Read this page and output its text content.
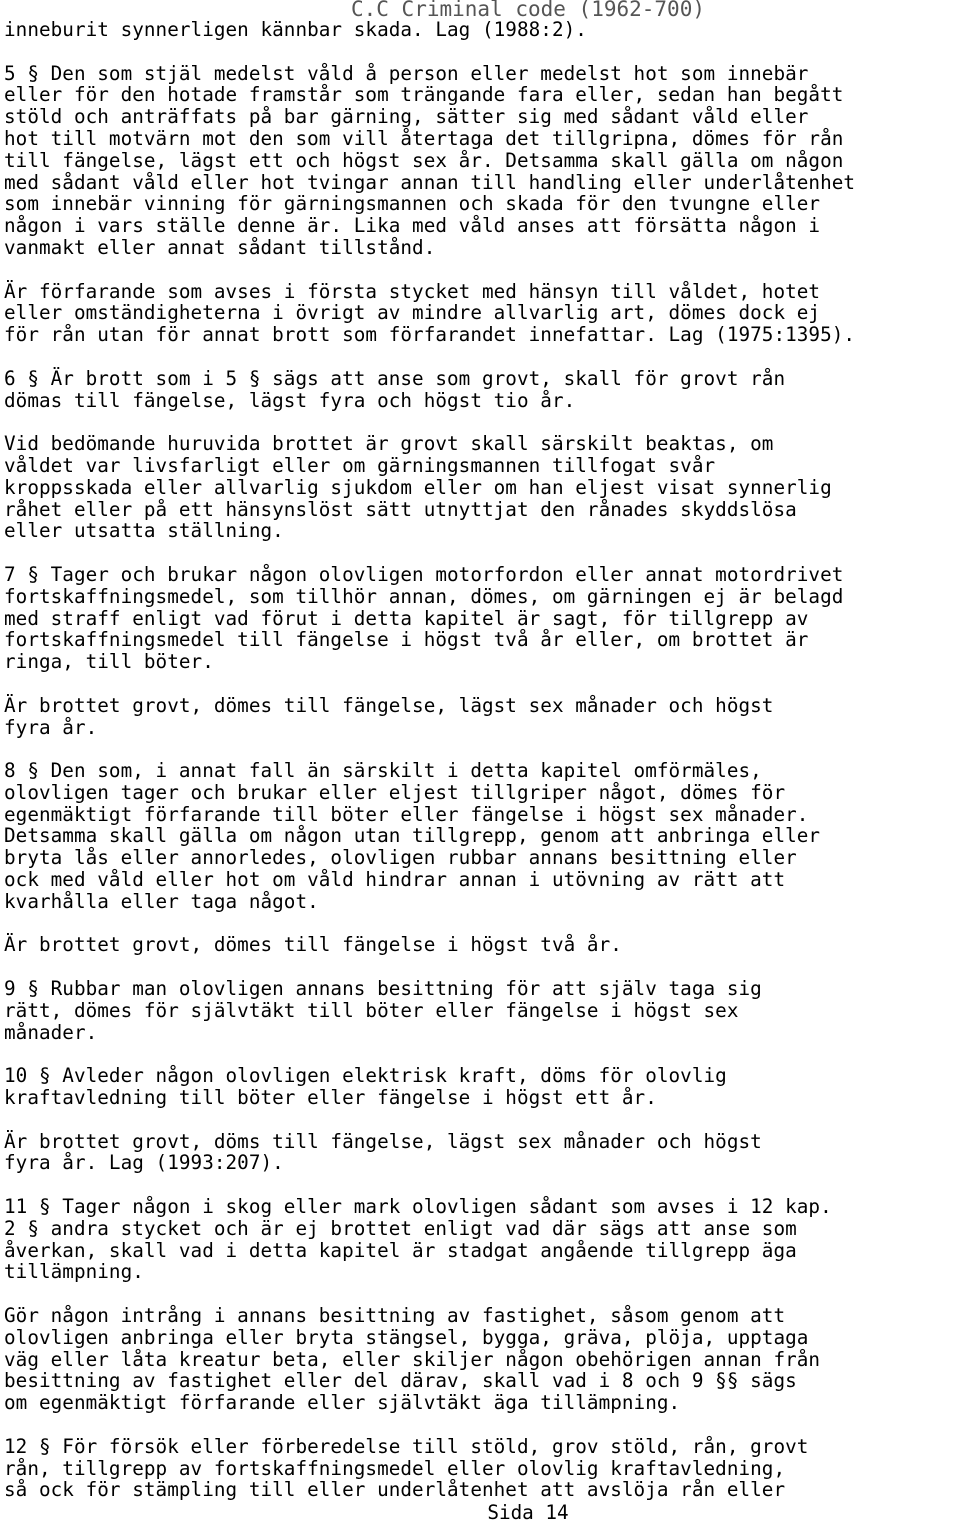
C.C Criminal code (1962-700)
inneburit synnerligen kännbar skada. Lag (1988:2).
5 § Den som stjäl medelst våld å person eller medelst hot som innebär
eller för den hotade framstår som trängande fara eller, sedan han begått
stöld och anträffats på bar gärning, sätter sig med sådant våld eller
hot till motvärn mot den som vill återtaga det tillgripna, dömes för rån
till fängelse, lägst ett och högst sex år. Detsamma skall gälla om någon
med sådant våld eller hot tvingar annan till handling eller underlåtenhet
som innebär vinning för gärningsmannen och skada för den tvungne eller
någon i vars ställe denne är. Lika med våld anses att försätta någon i
vanmakt eller annat sådant tillstånd.
Är förfarande som avses i första stycket med hänsyn till våldet, hotet
eller omständigheterna i övrigt av mindre allvarlig art, dömes dock ej
för rån utan för annat brott som förfarandet innefattar. Lag (1975:1395).
6 § Är brott som i 5 § sägs att anse som grovt, skall för grovt rån
dömas till fängelse, lägst fyra och högst tio år.
Vid bedömande huruvida brottet är grovt skall särskilt beaktas, om
våldet var livsfarligt eller om gärningsmannen tillfogat svår
kroppsskada eller allvarlig sjukdom eller om han eljest visat synnerlig
råhet eller på ett hänsynslöst sätt utnyttjat den rånades skyddslösa
eller utsatta ställning.
7 § Tager och brukar någon olovligen motorfordon eller annat motordrivet
fortskaffningsmedel, som tillhör annan, dömes, om gärningen ej är belagd
med straff enligt vad förut i detta kapitel är sagt, för tillgrepp av
fortskaffningsmedel till fängelse i högst två år eller, om brottet är
ringa, till böter.
Är brottet grovt, dömes till fängelse, lägst sex månader och högst
fyra år.
8 § Den som, i annat fall än särskilt i detta kapitel omförmäles,
olovligen tager och brukar eller eljest tillgriper något, dömes för
egenmäktigt förfarande till böter eller fängelse i högst sex månader.
Detsamma skall gälla om någon utan tillgrepp, genom att anbringa eller
bryta lås eller annorledes, olovligen rubbar annans besittning eller
ock med våld eller hot om våld hindrar annan i utövning av rätt att
kvarhålla eller taga något.
Är brottet grovt, dömes till fängelse i högst två år.
9 § Rubbar man olovligen annans besittning för att själv taga sig
rätt, dömes för självtäkt till böter eller fängelse i högst sex
månader.
10 § Avleder någon olovligen elektrisk kraft, döms för olovlig
kraftavledning till böter eller fängelse i högst ett år.
Är brottet grovt, döms till fängelse, lägst sex månader och högst
fyra år. Lag (1993:207).
11 § Tager någon i skog eller mark olovligen sådant som avses i 12 kap.
2 § andra stycket och är ej brottet enligt vad där sägs att anse som
åverkan, skall vad i detta kapitel är stadgat angående tillgrepp äga
tillämpning.
Gör någon intrång i annans besittning av fastighet, såsom genom att
olovligen anbringa eller bryta stängsel, bygga, gräva, plöja, upptaga
väg eller låta kreatur beta, eller skiljer någon obehörigen annan från
besittning av fastighet eller del därav, skall vad i 8 och 9 §§ sägs
om egenmäktigt förfarande eller självtäkt äga tillämpning.
12 § För försök eller förberedelse till stöld, grov stöld, rån, grovt
rån, tillgrepp av fortskaffningsmedel eller olovlig kraftavledning,
så ock för stämpling till eller underlåtenhet att avslöja rån eller
Sida 14
